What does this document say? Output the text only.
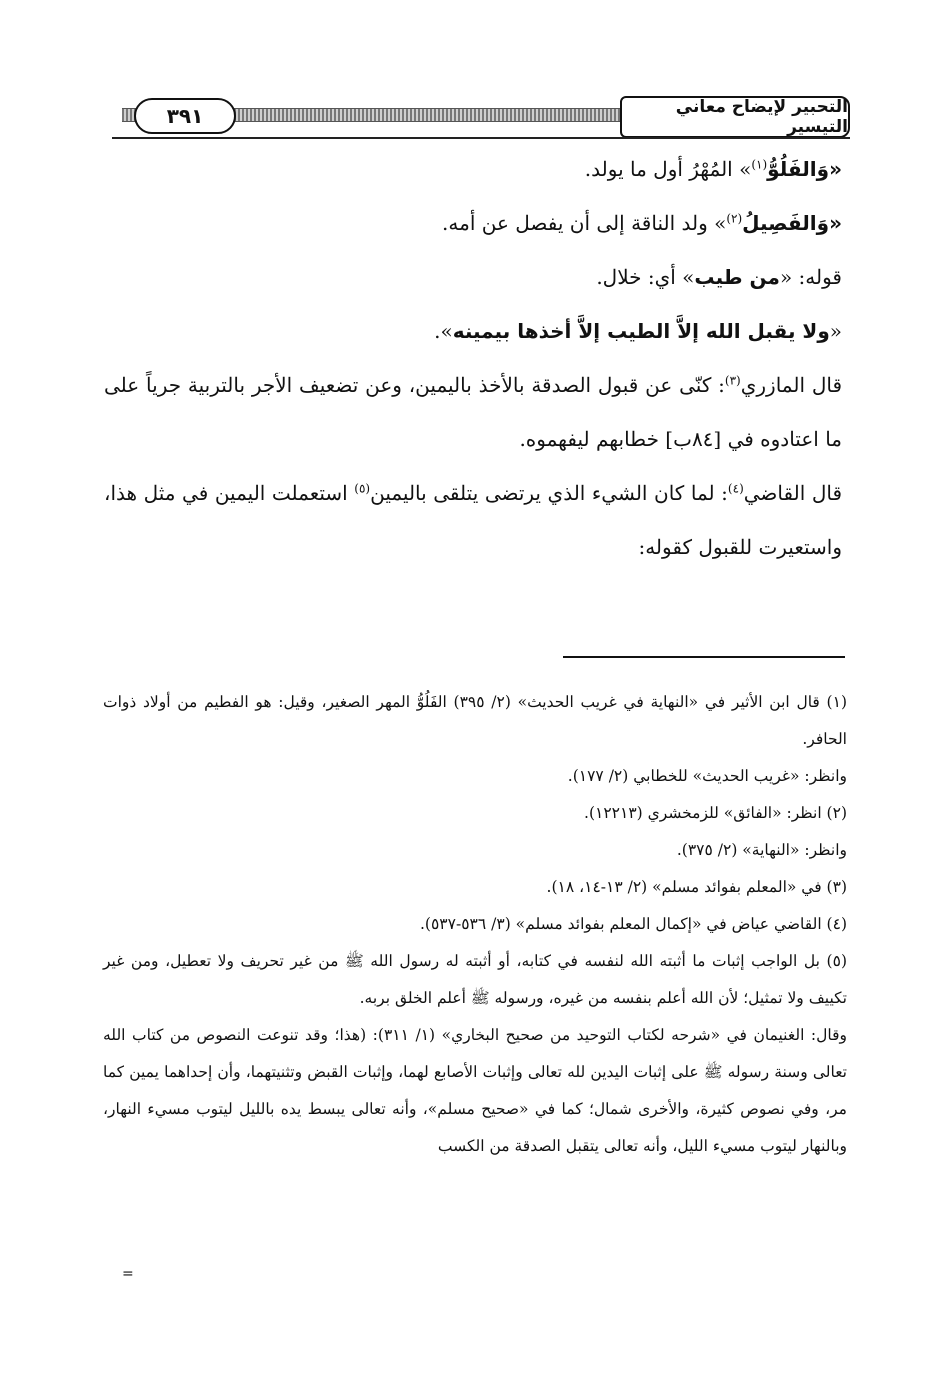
٣٩١	التحبير لإيضاح معاني التيسير

«وَالفَلُوُّ$^{(١)}$» المُهْرُ أول ما يولد.

«وَالفَصِيلُ$^{(٢)}$» ولد الناقة إلى أن يفصل عن أمه.

قوله: «من طيب» أي: خلال.

«ولا يقبل الله إلاَّ الطيب إلاَّ أخذها بيمينه».

قال المازري$^{(٣)}$: كنّى عن قبول الصدقة بالأخذ باليمين، وعن تضعيف الأجر بالتربية جرياً على ما اعتادوه في [٨٤ب] خطابهم ليفهموه.

قال القاضي$^{(٤)}$: لما كان الشيء الذي يرتضى يتلقى باليمين$^{(٥)}$ استعملت اليمين في مثل هذا، واستعيرت للقبول كقوله:

(١) قال ابن الأثير في «النهاية في غريب الحديث» (٢/ ٣٩٥) الفَلُوُّ المهر الصغير، وقيل: هو الفطيم من أولاد ذوات الحافر.

وانظر: «غريب الحديث» للخطابي (٢/ ١٧٧).

(٢) انظر: «الفائق» للزمخشري (١٢٢١٣).

وانظر: «النهاية» (٢/ ٣٧٥).

(٣) في «المعلم بفوائد مسلم» (٢/ ١٣-١٤، ١٨).

(٤) القاضي عياض في «إكمال المعلم بفوائد مسلم» (٣/ ٥٣٦-٥٣٧).

(٥) بل الواجب إثبات ما أثبته الله لنفسه في كتابه، أو أثبته له رسول الله ﷺ من غير تحريف ولا تعطيل، ومن غير تكييف ولا تمثيل؛ لأن الله أعلم بنفسه من غيره، ورسوله ﷺ أعلم الخلق بربه.

وقال: الغنيمان في «شرحه لكتاب التوحيد من صحيح البخاري» (١/ ٣١١): (هذا؛ وقد تنوعت النصوص من كتاب الله تعالى وسنة رسوله ﷺ على إثبات اليدين لله تعالى وإثبات الأصابع لهما، وإثبات القبض وتثنيتهما، وأن إحداهما يمين كما مر، وفي نصوص كثيرة، والأخرى شمال؛ كما في «صحيح مسلم»، وأنه تعالى يبسط يده بالليل ليتوب مسيء النهار، وبالنهار ليتوب مسيء الليل، وأنه تعالى يتقبل الصدقة من الكسب

=
